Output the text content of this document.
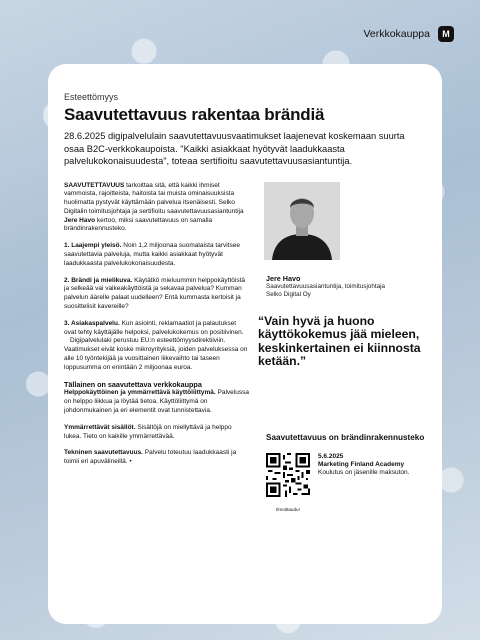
Verkkokauppa	M
Esteettömyys
Saavutettavuus rakentaa brändiä
28.6.2025 digipalvelulain saavutettavuusvaatimukset laajenevat koskemaan suurta osaa B2C-verkkokaupoista. "Kaikki asiakkaat hyötyvät laadukkaasta palvelukokonaisuudesta", toteaa sertifioitu saavutettavuusasiantuntija.

SAAVUTETTAVUUS tarkoittaa sitä, että kaikki ihmiset vammoista, rajoitteista, haitoista tai muista ominaisuuksista huolimatta pystyvät käyttämään palvelua itsenäisesti. Selko Digitalin toimitusjohtaja ja sertifioitu saavutettavuusasiantuntija Jere Havo kertoo, miksi saavutettavuus on samalla brändinrakennusteko.

1. Laajempi yleisö. Noin 1,2 miljoonaa suomalaista tarvitsee saavutettavia palveluja, mutta kaikki asiakkaat hyötyvät laadukkaasta palvelukokonaisuudesta.

2. Brändi ja mielikuva. Käytätkö mieluummin helppokäyttöistä ja selkeää vai vaikeakäyttöistä ja sekavaa palvelua? Kumman palvelun äärelle palaat uudelleen? Entä kummasta kertoisit ja suosittelisit kavereille?

3. Asiakaspalvelu. Kun asiointi, reklamaatiot ja palautukset ovat tehty käyttäjälle helpoksi, palvelukokemus on positiivinen.

Digipalvelulaki perustuu EU:n esteettömyysdirektiiviin. Vaatimukset eivät koske mikroyrityksiä, joiden palveluksessa on alle 10 työntekijää ja vuosittainen liikevaihto tai taseen loppusumma on enintään 2 miljoonaa euroa.

Tällainen on saavutettava verkkokauppa

Helppokäyttöinen ja ymmärrettävä käyttöliittymä. Palvelussa on helppo liikkua ja löytää tietoa. Käyttöliittymä on johdonmukainen ja eri elementit ovat tunnistettavia.

Ymmärrettävät sisällöt. Sisältöjä on miellyttävä ja helppo lukea. Tieto on kaikille ymmärrettävää.

Tekninen saavutettavuus. Palvelu toteutuu laadukkaasti ja toimii eri apuvälineillä. •

Jere Havo
Saavutettavuusasiantuntija, toimitusjohtaja
Selko Digital Oy
“Vain hyvä ja huono käyttökokemus jää mieleen, keskinkertainen ei kiinnosta ketään.”
Saavutettavuus on brändinrakennusteko
Ilmoittaudu!
5.6.2025
Marketing Finland Academy
Koulutus on jäsenille maksuton.
